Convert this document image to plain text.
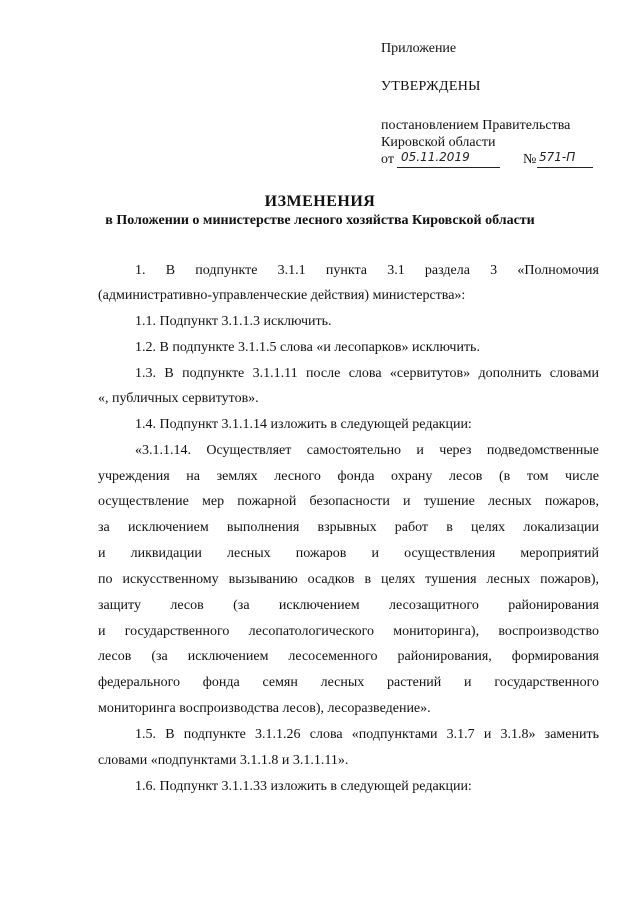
Приложение
УТВЕРЖДЕНЫ
постановлением Правительства
Кировской области
от 05.11.2019	№ 571-П
ИЗМЕНЕНИЯ
в Положении о министерстве лесного хозяйства Кировской области
1. В подпункте 3.1.1 пункта 3.1 раздела 3 «Полномочия
(административно-управленческие действия) министерства»:
1.1. Подпункт 3.1.1.3 исключить.
1.2. В подпункте 3.1.1.5 слова «и лесопарков» исключить.
1.3. В подпункте 3.1.1.11 после слова «сервитутов» дополнить словами
«, публичных сервитутов».
1.4. Подпункт 3.1.1.14 изложить в следующей редакции:
«3.1.1.14. Осуществляет самостоятельно и через подведомственные
учреждения на землях лесного фонда охрану лесов (в том числе
осуществление мер пожарной безопасности и тушение лесных пожаров,
за исключением выполнения взрывных работ в целях локализации
и ликвидации лесных пожаров и осуществления мероприятий
по искусственному вызыванию осадков в целях тушения лесных пожаров),
защиту лесов (за исключением лесозащитного районирования
и государственного лесопатологического мониторинга), воспроизводство
лесов (за исключением лесосеменного районирования, формирования
федерального фонда семян лесных растений и государственного
мониторинга воспроизводства лесов), лесоразведение».
1.5. В подпункте 3.1.1.26 слова «подпунктами 3.1.7 и 3.1.8» заменить
словами «подпунктами 3.1.1.8 и 3.1.1.11».
1.6. Подпункт 3.1.1.33 изложить в следующей редакции:
